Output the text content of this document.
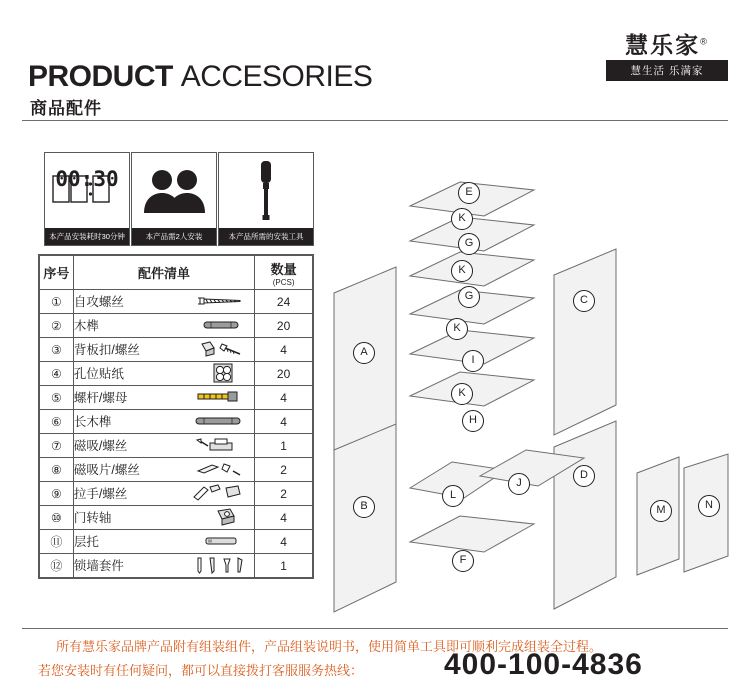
PRODUCT ACCESORIES
商品配件
慧乐家®
慧生活 乐满家
00:30
本产品安装耗时30分钟	本产品需2人安装	本产品所需的安装工具
序号	配件清单	数量
(PCS)

①	自攻螺丝	24
②	木榫	20
③	背板扣/螺丝	4
④	孔位贴纸	20
⑤	螺杆/螺母	4
⑥	长木榫	4
⑦	磁吸/螺丝	1
⑧	磁吸片/螺丝	2
⑨	拉手/螺丝	2
⑩	门转轴	4
⑪	层托	4
⑫	锁墙套件	1
A
B
C
D
E
K
G
K
G
K
I
K
H
L
J
F
M	N
所有慧乐家品牌产品附有组装组件，产品组装说明书，使用简单工具即可顺利完成组装全过程。
若您安装时有任何疑问，都可以直接拨打客服服务热线：	400-100-4836
